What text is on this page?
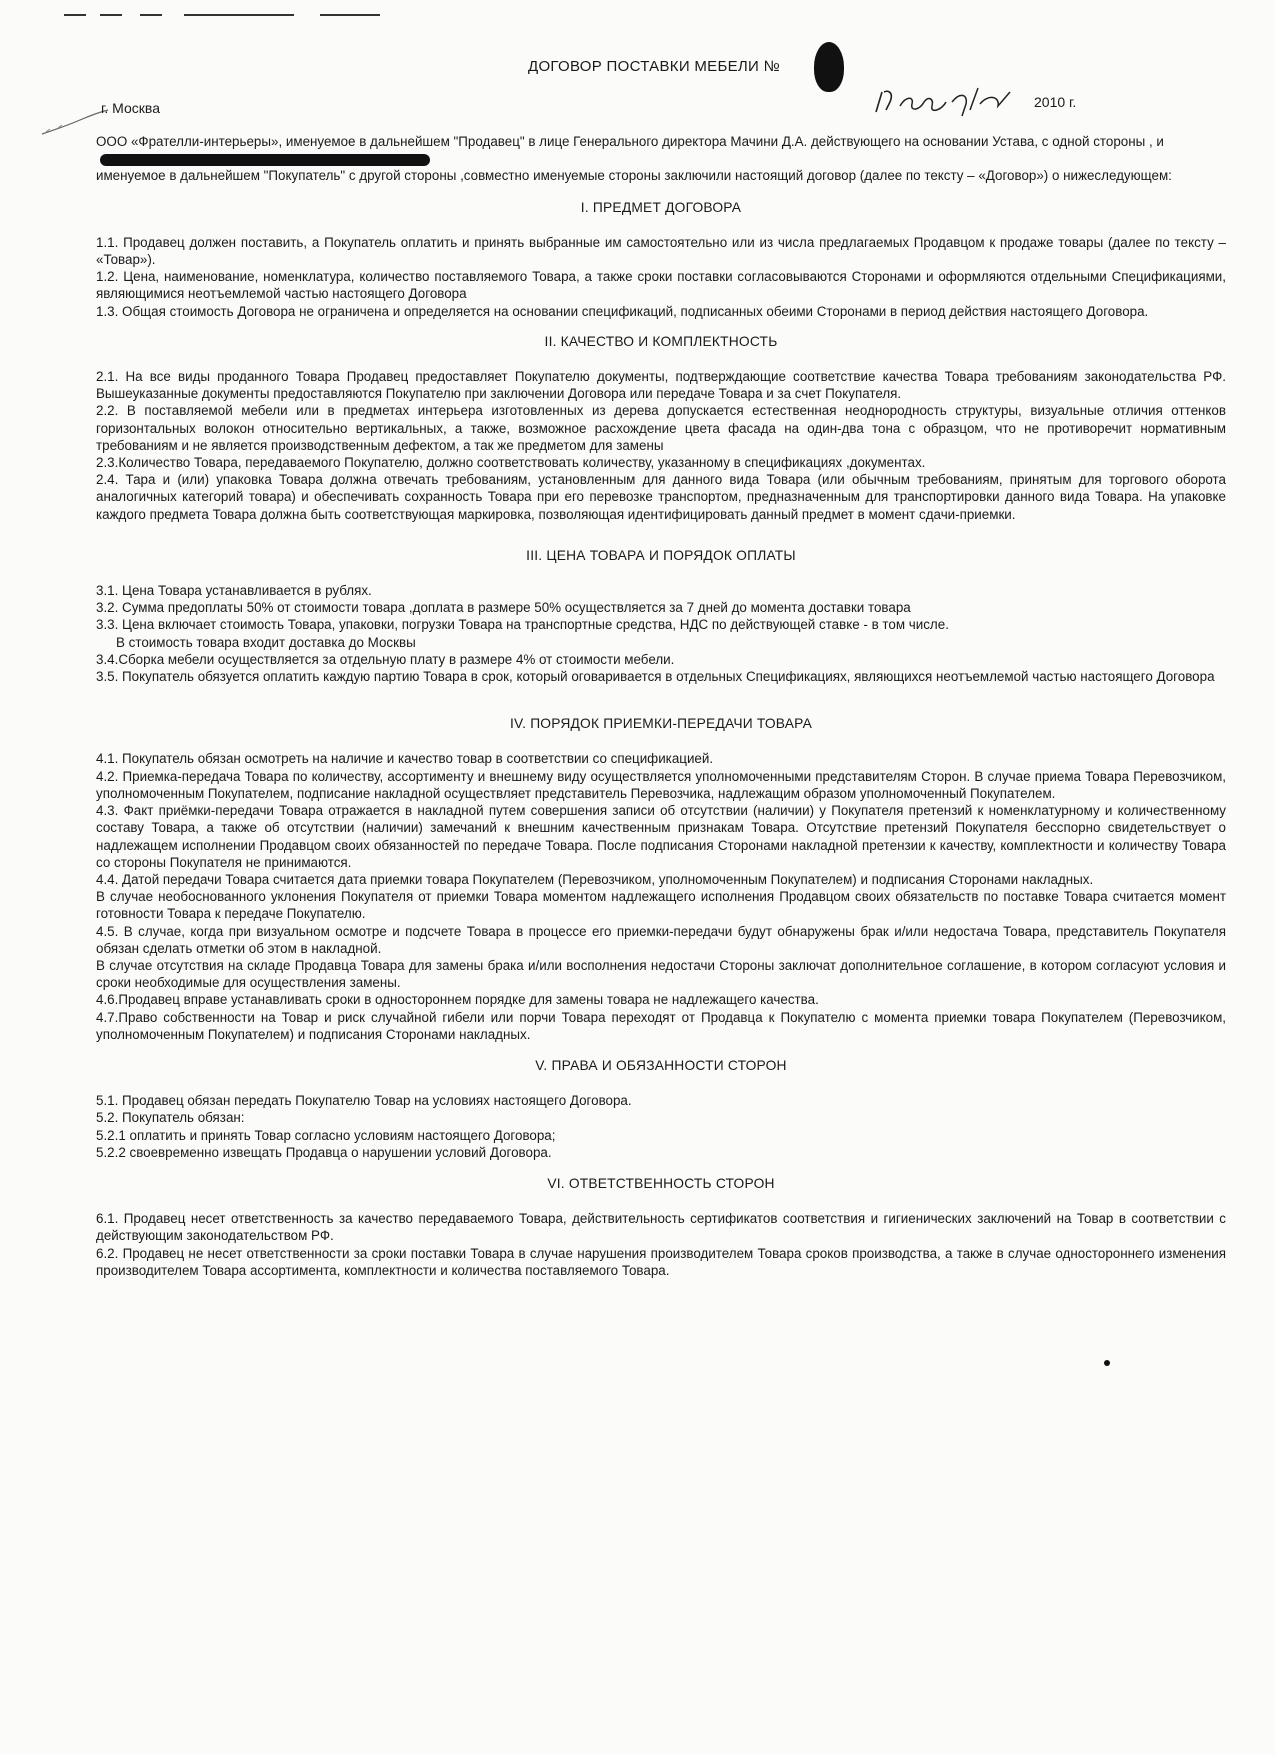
ДОГОВОР ПОСТАВКИ МЕБЕЛИ №
г. Москва	2010 г.

ООО «Фрателли-интерьеры», именуемое в дальнейшем "Продавец" в лице Генерального директора Мачини Д.А. действующего на основании Устава, с одной стороны , и

именуемое в дальнейшем "Покупатель" с другой стороны ,совместно именуемые стороны заключили настоящий договор (далее по тексту – «Договор») о нижеследующем:

I. ПРЕДМЕТ ДОГОВОРА

1.1. Продавец должен поставить, а Покупатель оплатить и принять выбранные им самостоятельно или из числа предлагаемых Продавцом к продаже товары (далее по тексту – «Товар»).

1.2. Цена, наименование, номенклатура, количество поставляемого Товара, а также сроки поставки согласовываются Сторонами и оформляются отдельными Спецификациями, являющимися неотъемлемой частью настоящего Договора

1.3. Общая стоимость Договора не ограничена и определяется на основании спецификаций, подписанных обеими Сторонами в период действия настоящего Договора.

II. КАЧЕСТВО И КОМПЛЕКТНОСТЬ

2.1. На все виды проданного Товара Продавец предоставляет Покупателю документы, подтверждающие соответствие качества Товара требованиям законодательства РФ. Вышеуказанные документы предоставляются Покупателю при заключении Договора или передаче Товара и за счет Покупателя.

2.2. В поставляемой мебели или в предметах интерьера изготовленных из дерева допускается естественная неоднородность структуры, визуальные отличия оттенков горизонтальных волокон относительно вертикальных, а также, возможное расхождение цвета фасада на один-два тона с образцом, что не противоречит нормативным требованиям и не является производственным дефектом, а так же предметом для замены

2.3.Количество Товара, передаваемого Покупателю, должно соответствовать количеству, указанному в спецификациях ,документах.

2.4. Тара и (или) упаковка Товара должна отвечать требованиям, установленным для данного вида Товара (или обычным требованиям, принятым для торгового оборота аналогичных категорий товара) и обеспечивать сохранность Товара при его перевозке транспортом, предназначенным для транспортировки данного вида Товара. На упаковке каждого предмета Товара должна быть соответствующая маркировка, позволяющая идентифицировать данный предмет в момент сдачи-приемки.

III. ЦЕНА ТОВАРА И ПОРЯДОК ОПЛАТЫ

3.1. Цена Товара устанавливается в рублях.

3.2. Сумма предоплаты 50% от стоимости товара ,доплата в размере 50% осуществляется за 7 дней до момента доставки товара

3.3. Цена включает стоимость Товара, упаковки, погрузки Товара на транспортные средства, НДС по действующей ставке - в том числе.

В стоимость товара входит доставка до Москвы

3.4.Сборка мебели осуществляется за отдельную плату в размере 4% от стоимости мебели.

3.5. Покупатель обязуется оплатить каждую партию Товара в срок, который оговаривается в отдельных Спецификациях, являющихся неотъемлемой частью настоящего Договора

IV. ПОРЯДОК ПРИЕМКИ-ПЕРЕДАЧИ ТОВАРА

4.1. Покупатель обязан осмотреть на наличие и качество товар в соответствии со спецификацией.

4.2. Приемка-передача Товара по количеству, ассортименту и внешнему виду осуществляется уполномоченными представителям Сторон. В случае приема Товара Перевозчиком, уполномоченным Покупателем, подписание накладной осуществляет представитель Перевозчика, надлежащим образом уполномоченный Покупателем.

4.3. Факт приёмки-передачи Товара отражается в накладной путем совершения записи об отсутствии (наличии) у Покупателя претензий к номенклатурному и количественному составу Товара, а также об отсутствии (наличии) замечаний к внешним качественным признакам Товара. Отсутствие претензий Покупателя бесспорно свидетельствует о надлежащем исполнении Продавцом своих обязанностей по передаче Товара. После подписания Сторонами накладной претензии к качеству, комплектности и количеству Товара со стороны Покупателя не принимаются.

4.4. Датой передачи Товара считается дата приемки товара Покупателем (Перевозчиком, уполномоченным Покупателем) и подписания Сторонами накладных.

В случае необоснованного уклонения Покупателя от приемки Товара моментом надлежащего исполнения Продавцом своих обязательств по поставке Товара считается момент готовности Товара к передаче Покупателю.

4.5. В случае, когда при визуальном осмотре и подсчете Товара в процессе его приемки-передачи будут обнаружены брак и/или недостача Товара, представитель Покупателя обязан сделать отметки об этом в накладной.

В случае отсутствия на складе Продавца Товара для замены брака и/или восполнения недостачи Стороны заключат дополнительное соглашение, в котором согласуют условия и сроки необходимые для осуществления замены.

4.6.Продавец вправе устанавливать сроки в одностороннем порядке для замены товара не надлежащего качества.

4.7.Право собственности на Товар и риск случайной гибели или порчи Товара переходят от Продавца к Покупателю с момента приемки товара Покупателем (Перевозчиком, уполномоченным Покупателем) и подписания Сторонами накладных.

V. ПРАВА И ОБЯЗАННОСТИ СТОРОН

5.1. Продавец обязан передать Покупателю Товар на условиях настоящего Договора.

5.2. Покупатель обязан:

5.2.1 оплатить и принять Товар согласно условиям настоящего Договора;

5.2.2 своевременно извещать Продавца о нарушении условий Договора.

VI. ОТВЕТСТВЕННОСТЬ СТОРОН

6.1. Продавец несет ответственность за качество передаваемого Товара, действительность сертификатов соответствия и гигиенических заключений на Товар в соответствии с действующим законодательством РФ.

6.2. Продавец не несет ответственности за сроки поставки Товара в случае нарушения производителем Товара сроков производства, а также в случае одностороннего изменения производителем Товара ассортимента, комплектности и количества поставляемого Товара.
